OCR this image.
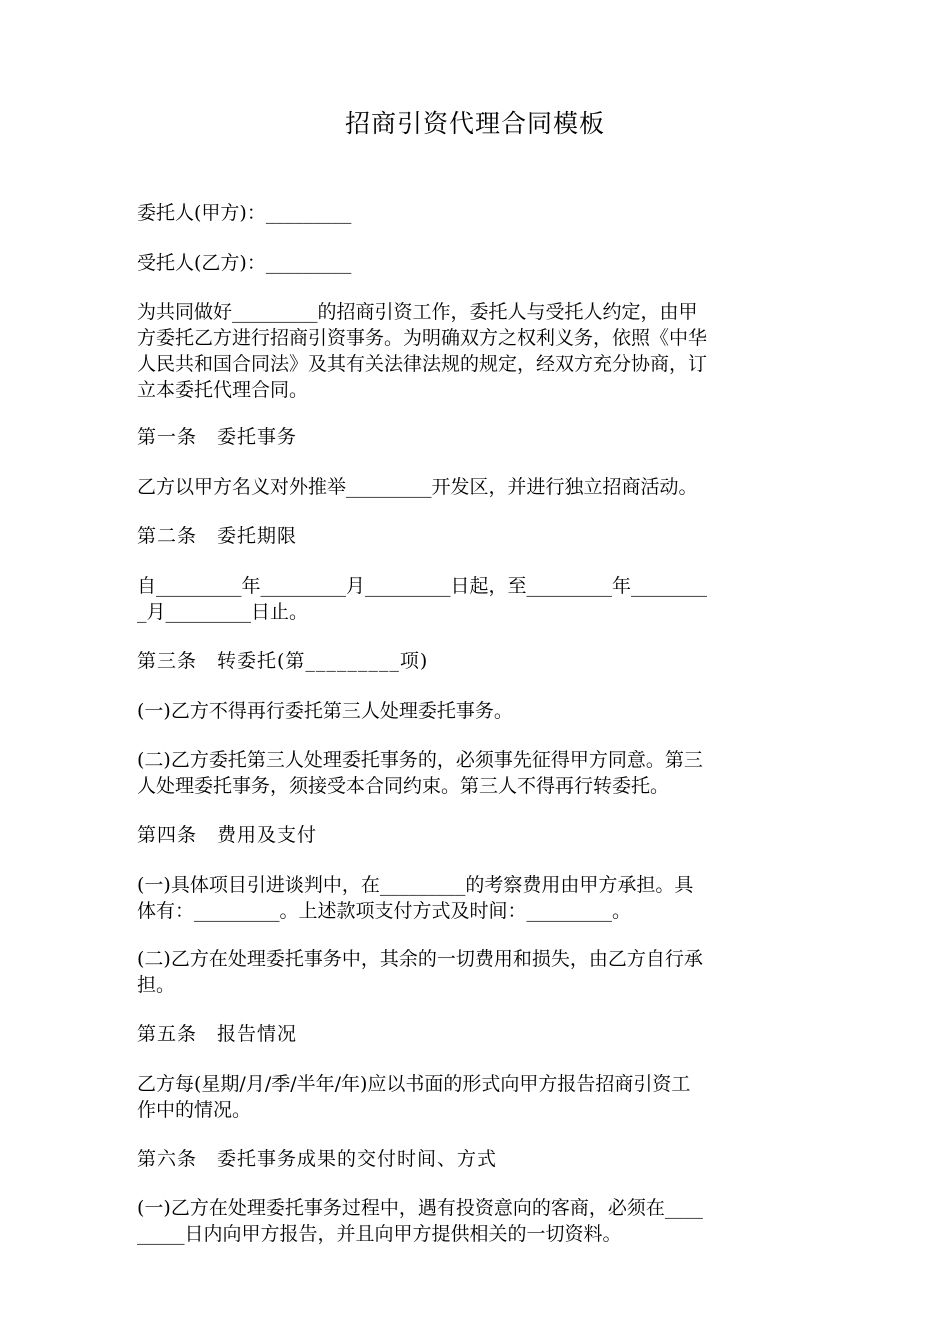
招商引资代理合同模板
委托人(甲方)：_________
受托人(乙方)：_________
为共同做好_________的招商引资工作，委托人与受托人约定，由甲
方委托乙方进行招商引资事务。为明确双方之权利义务，依照《中华
人民共和国合同法》及其有关法律法规的规定，经双方充分协商，订
立本委托代理合同。
第一条　委托事务
乙方以甲方名义对外推举_________开发区，并进行独立招商活动。
第二条　委托期限
自_________年_________月_________日起，至_________年________
_月_________日止。
第三条　转委托(第_________项)
(一)乙方不得再行委托第三人处理委托事务。
(二)乙方委托第三人处理委托事务的，必须事先征得甲方同意。第三
人处理委托事务，须接受本合同约束。第三人不得再行转委托。
第四条　费用及支付
(一)具体项目引进谈判中，在_________的考察费用由甲方承担。具
体有：_________。上述款项支付方式及时间：_________。
(二)乙方在处理委托事务中，其余的一切费用和损失，由乙方自行承
担。
第五条　报告情况
乙方每(星期/月/季/半年/年)应以书面的形式向甲方报告招商引资工
作中的情况。
第六条　委托事务成果的交付时间、方式
(一)乙方在处理委托事务过程中，遇有投资意向的客商，必须在____
_____日内向甲方报告，并且向甲方提供相关的一切资料。
